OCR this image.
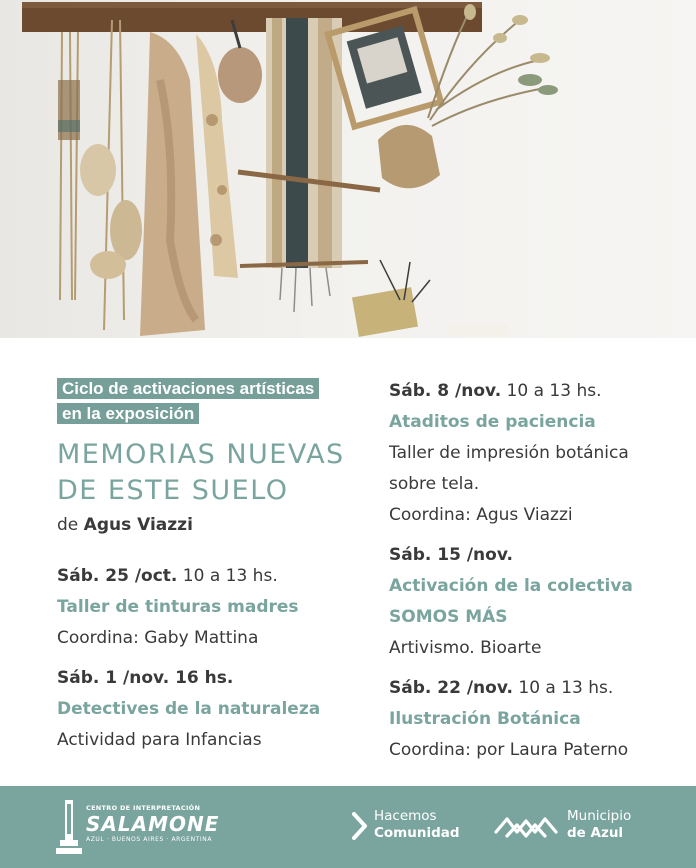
Ciclo de activaciones artísticas
en la exposición
MEMORIAS NUEVAS
DE ESTE SUELO
de Agus Viazzi
Sáb. 25 /oct. 10 a 13 hs.
Taller de tinturas madres
Coordina: Gaby Mattina
Sáb. 1 /nov. 16 hs.
Detectives de la naturaleza
Actividad para Infancias
Sáb. 8 /nov. 10 a 13 hs.
Ataditos de paciencia
Taller de impresión botánica
sobre tela.
Coordina: Agus Viazzi
Sáb. 15 /nov.
Activación de la colectiva
SOMOS MÁS
Artivismo. Bioarte
Sáb. 22 /nov. 10 a 13 hs.
Ilustración Botánica
Coordina: por Laura Paterno
CENTRO DE INTERPRETACIÓN
SALAMONE
AZUL · BUENOS AIRES · ARGENTINA
Hacemos
Comunidad
Municipio
de Azul
